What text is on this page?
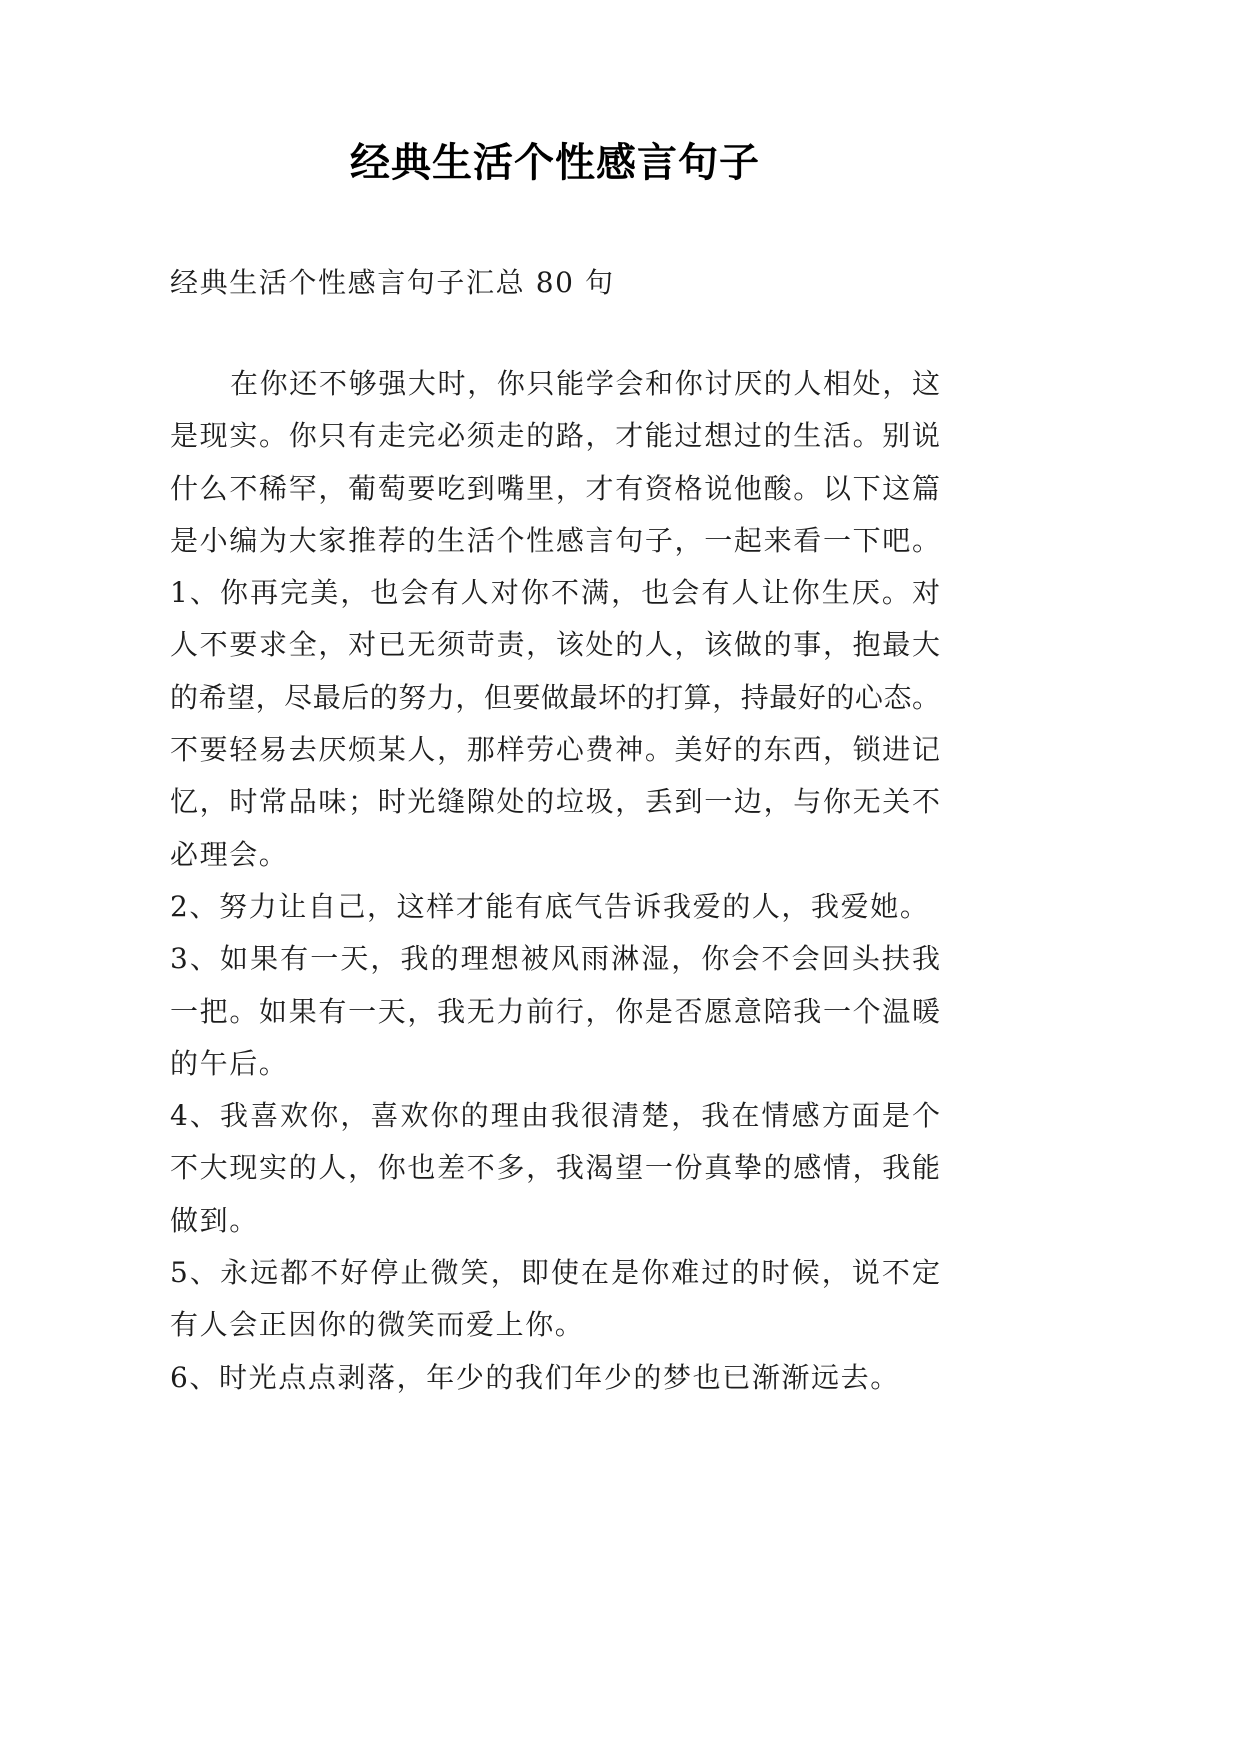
经典生活个性感言句子
经典生活个性感言句子汇总 80 句
在你还不够强大时，你只能学会和你讨厌的人相处，这
是现实。你只有走完必须走的路，才能过想过的生活。别说
什么不稀罕，葡萄要吃到嘴里，才有资格说他酸。以下这篇
是小编为大家推荐的生活个性感言句子，一起来看一下吧。
1、你再完美，也会有人对你不满，也会有人让你生厌。对
人不要求全，对已无须苛责，该处的人，该做的事，抱最大
的希望，尽最后的努力，但要做最坏的打算，持最好的心态。
不要轻易去厌烦某人，那样劳心费神。美好的东西，锁进记
忆，时常品味；时光缝隙处的垃圾，丢到一边，与你无关不
必理会。
2、努力让自己，这样才能有底气告诉我爱的人，我爱她。
3、如果有一天，我的理想被风雨淋湿，你会不会回头扶我
一把。如果有一天，我无力前行，你是否愿意陪我一个温暖
的午后。
4、我喜欢你，喜欢你的理由我很清楚，我在情感方面是个
不大现实的人，你也差不多，我渴望一份真挚的感情，我能
做到。
5、永远都不好停止微笑，即使在是你难过的时候，说不定
有人会正因你的微笑而爱上你。
6、时光点点剥落，年少的我们年少的梦也已渐渐远去。
